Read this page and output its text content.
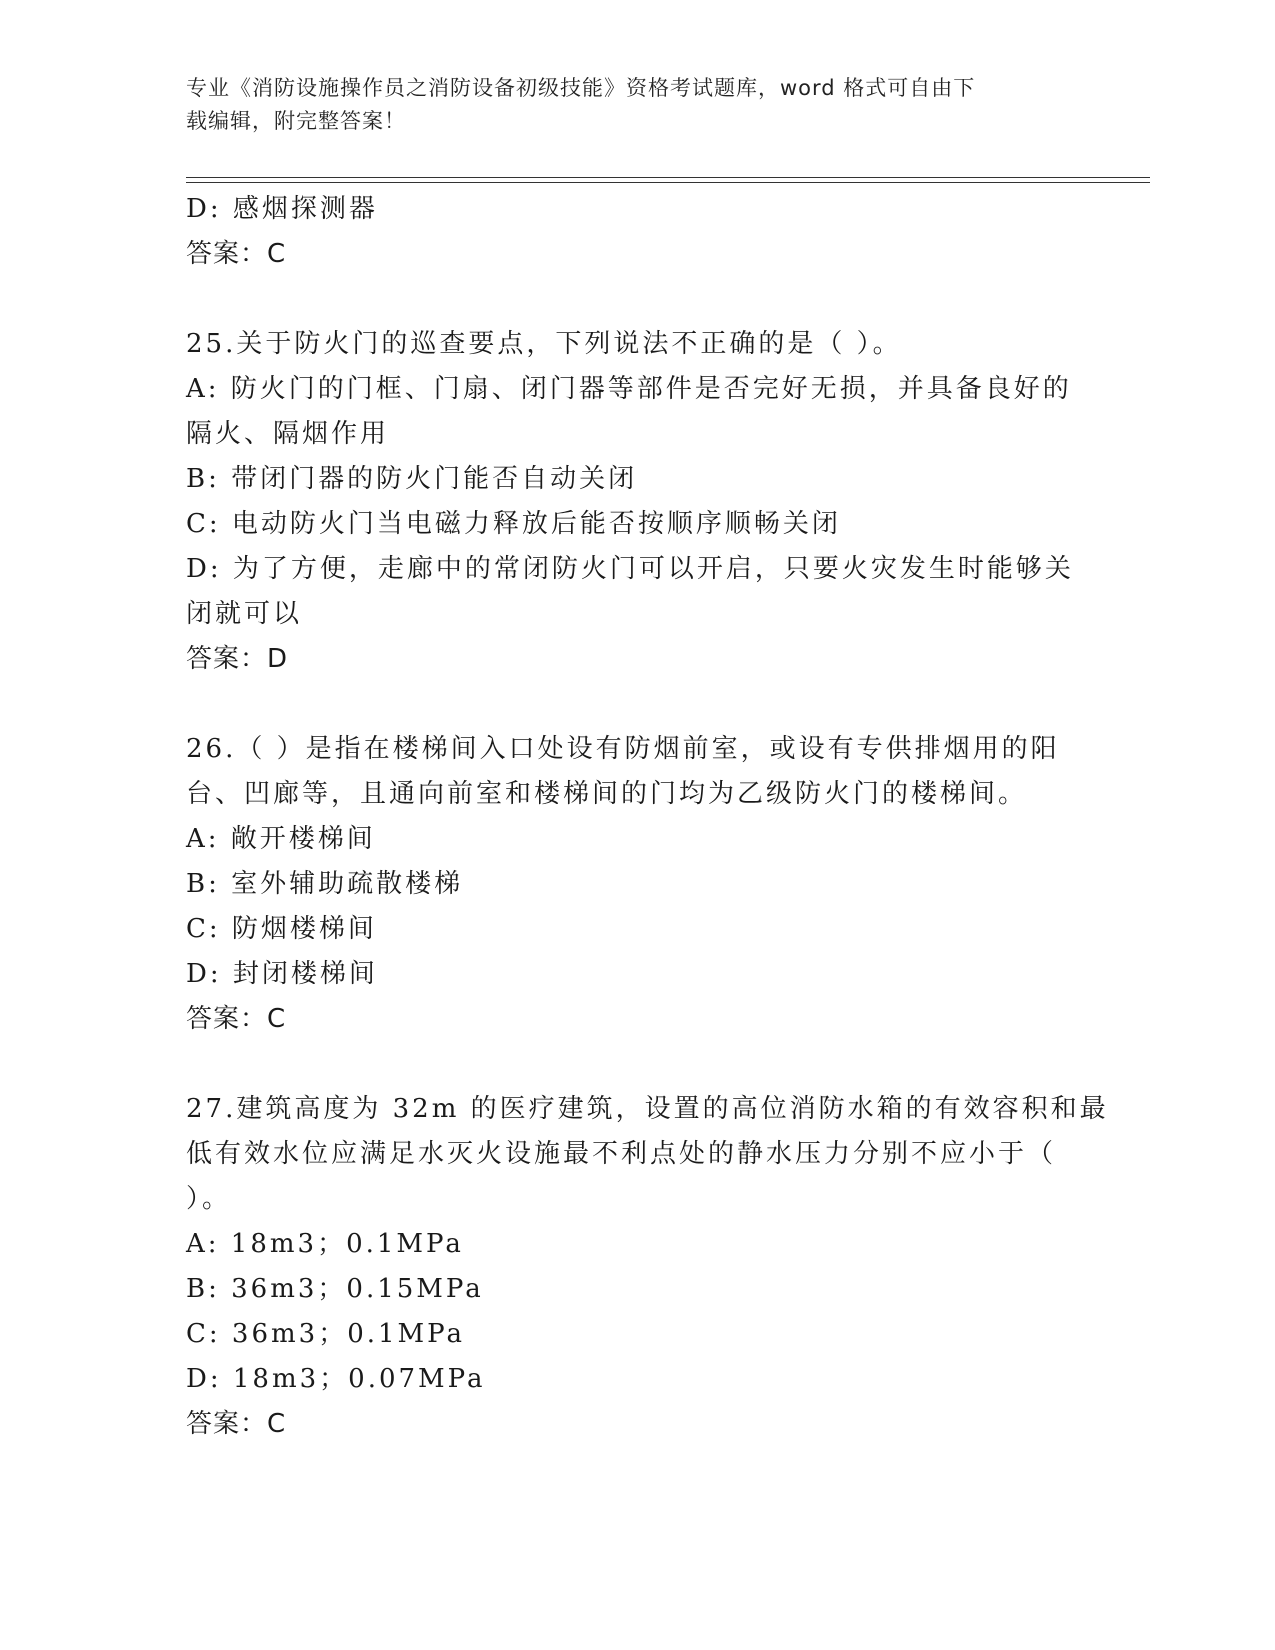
专业《消防设施操作员之消防设备初级技能》资格考试题库，word 格式可自由下
载编辑，附完整答案！
D: 感烟探测器
答案：C
25.关于防火门的巡查要点，下列说法不正确的是（ ）。
A: 防火门的门框、门扇、闭门器等部件是否完好无损，并具备良好的
隔火、隔烟作用
B: 带闭门器的防火门能否自动关闭
C: 电动防火门当电磁力释放后能否按顺序顺畅关闭
D: 为了方便，走廊中的常闭防火门可以开启，只要火灾发生时能够关
闭就可以
答案：D
26.（ ）是指在楼梯间入口处设有防烟前室，或设有专供排烟用的阳
台、凹廊等，且通向前室和楼梯间的门均为乙级防火门的楼梯间。
A: 敞开楼梯间
B: 室外辅助疏散楼梯
C: 防烟楼梯间
D: 封闭楼梯间
答案：C
27.建筑高度为 32m 的医疗建筑，设置的高位消防水箱的有效容积和最
低有效水位应满足水灭火设施最不利点处的静水压力分别不应小于（
）。
A: 18m3；0.1MPa
B: 36m3；0.15MPa
C: 36m3；0.1MPa
D: 18m3；0.07MPa
答案：C
